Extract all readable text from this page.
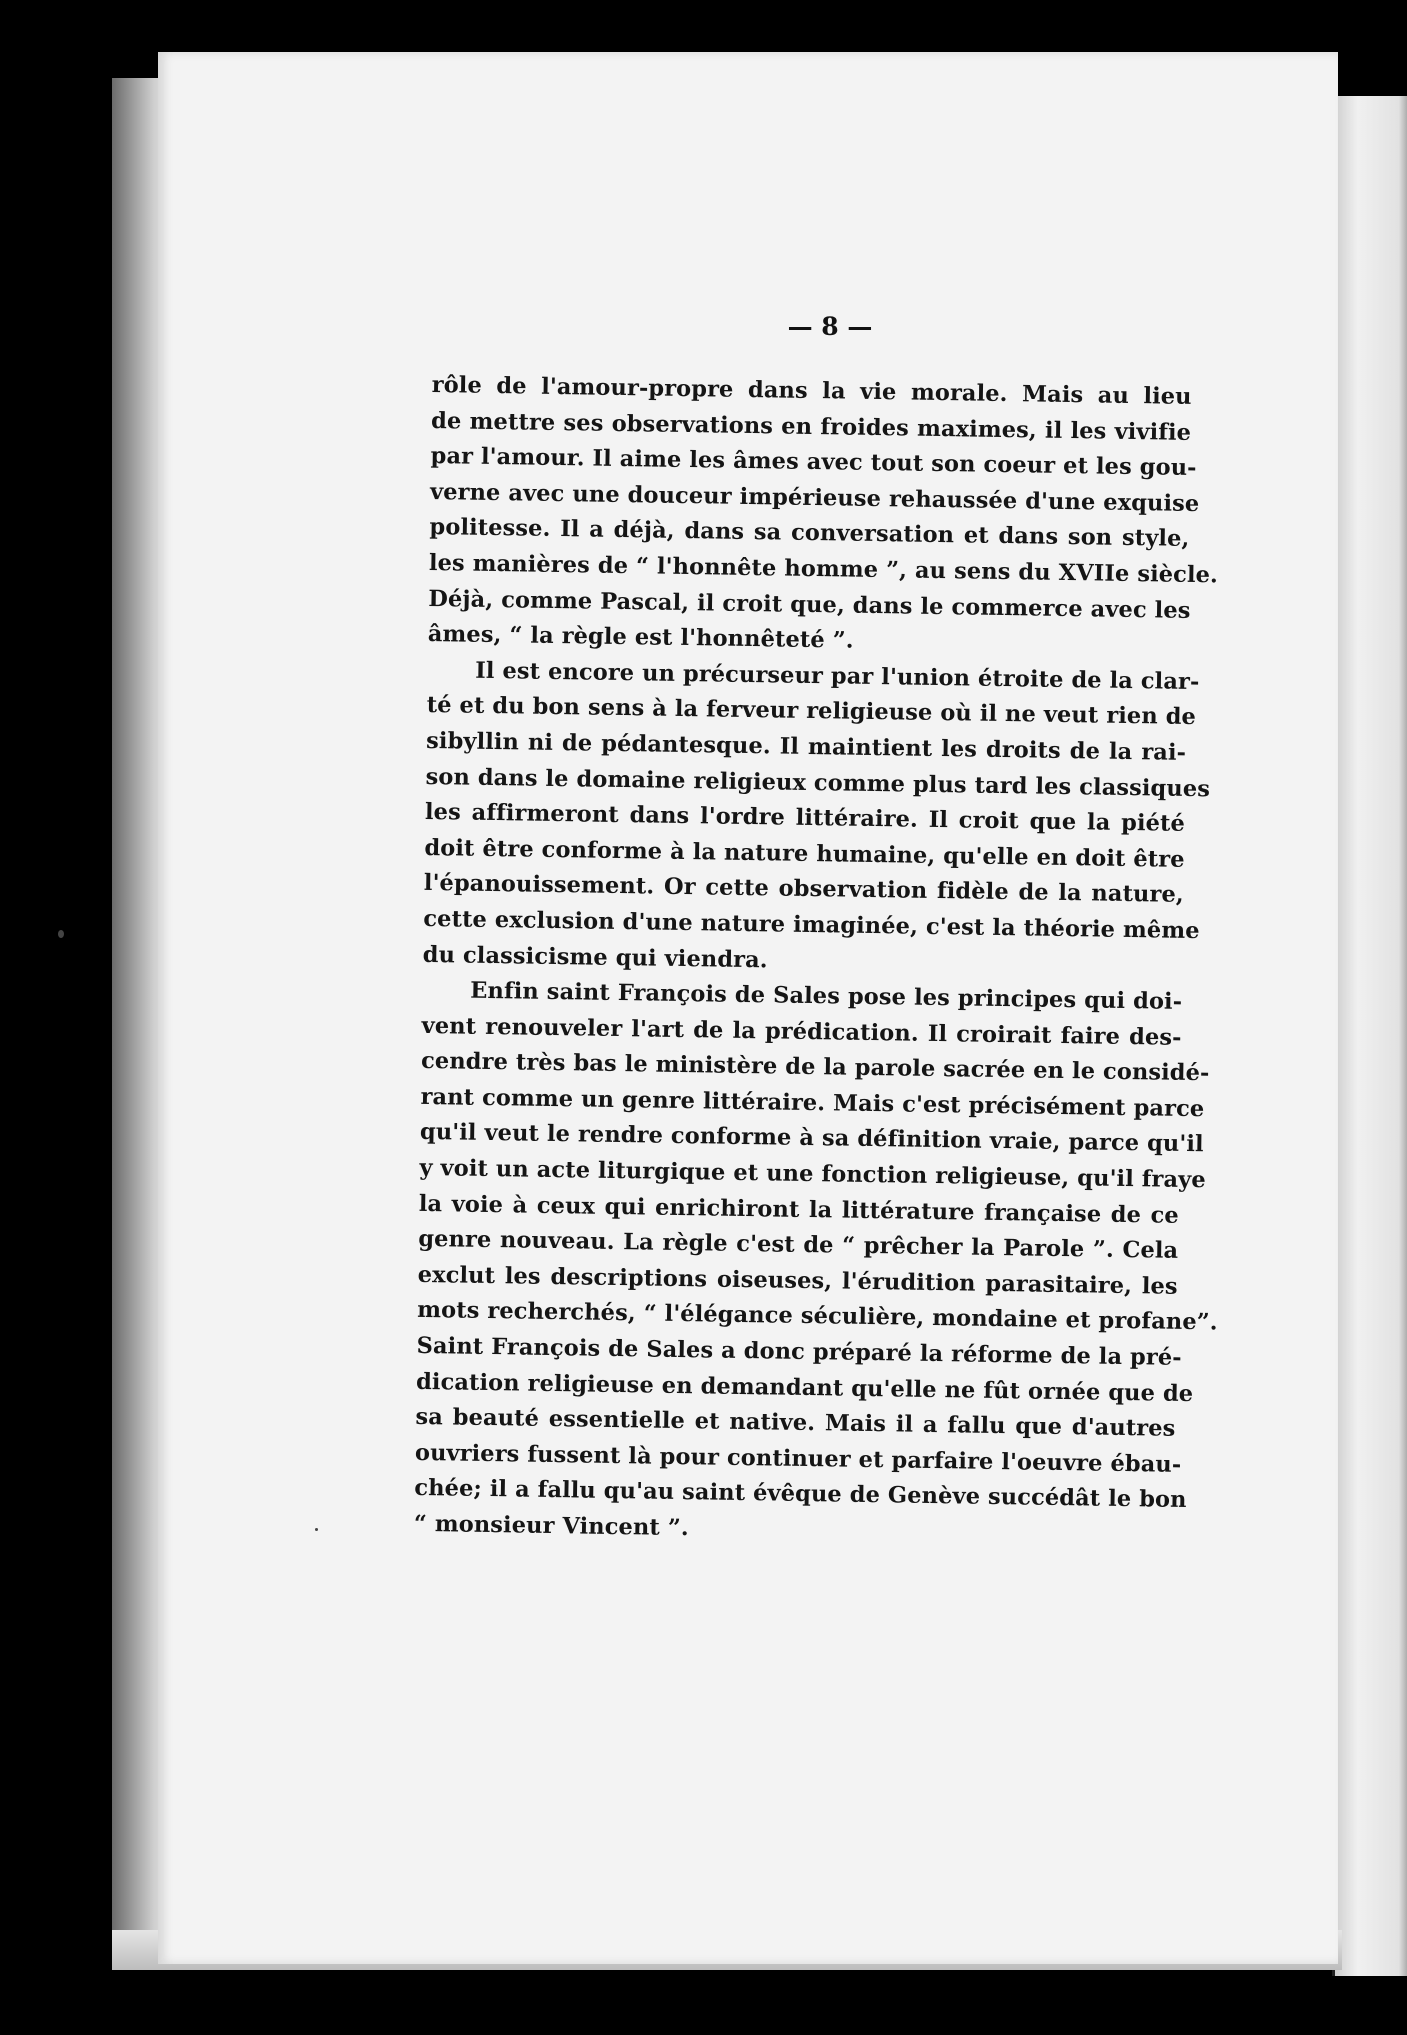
— 8 —
rôle de l'amour-propre dans la vie morale. Mais au lieu
de mettre ses observations en froides maximes, il les vivifie
par l'amour. Il aime les âmes avec tout son coeur et les gou-
verne avec une douceur impérieuse rehaussée d'une exquise
politesse. Il a déjà, dans sa conversation et dans son style,
les manières de “ l'honnête homme ”, au sens du XVIIe siècle.
Déjà, comme Pascal, il croit que, dans le commerce avec les
âmes, “ la règle est l'honnêteté ”.
Il est encore un précurseur par l'union étroite de la clar-
té et du bon sens à la ferveur religieuse où il ne veut rien de
sibyllin ni de pédantesque. Il maintient les droits de la rai-
son dans le domaine religieux comme plus tard les classiques
les affirmeront dans l'ordre littéraire. Il croit que la piété
doit être conforme à la nature humaine, qu'elle en doit être
l'épanouissement. Or cette observation fidèle de la nature,
cette exclusion d'une nature imaginée, c'est la théorie même
du classicisme qui viendra.
Enfin saint François de Sales pose les principes qui doi-
vent renouveler l'art de la prédication. Il croirait faire des-
cendre très bas le ministère de la parole sacrée en le considé-
rant comme un genre littéraire. Mais c'est précisément parce
qu'il veut le rendre conforme à sa définition vraie, parce qu'il
y voit un acte liturgique et une fonction religieuse, qu'il fraye
la voie à ceux qui enrichiront la littérature française de ce
genre nouveau. La règle c'est de “ prêcher la Parole ”. Cela
exclut les descriptions oiseuses, l'érudition parasitaire, les
mots recherchés, “ l'élégance séculière, mondaine et profane”.
Saint François de Sales a donc préparé la réforme de la pré-
dication religieuse en demandant qu'elle ne fût ornée que de
sa beauté essentielle et native. Mais il a fallu que d'autres
ouvriers fussent là pour continuer et parfaire l'oeuvre ébau-
chée; il a fallu qu'au saint évêque de Genève succédât le bon
“ monsieur Vincent ”.
